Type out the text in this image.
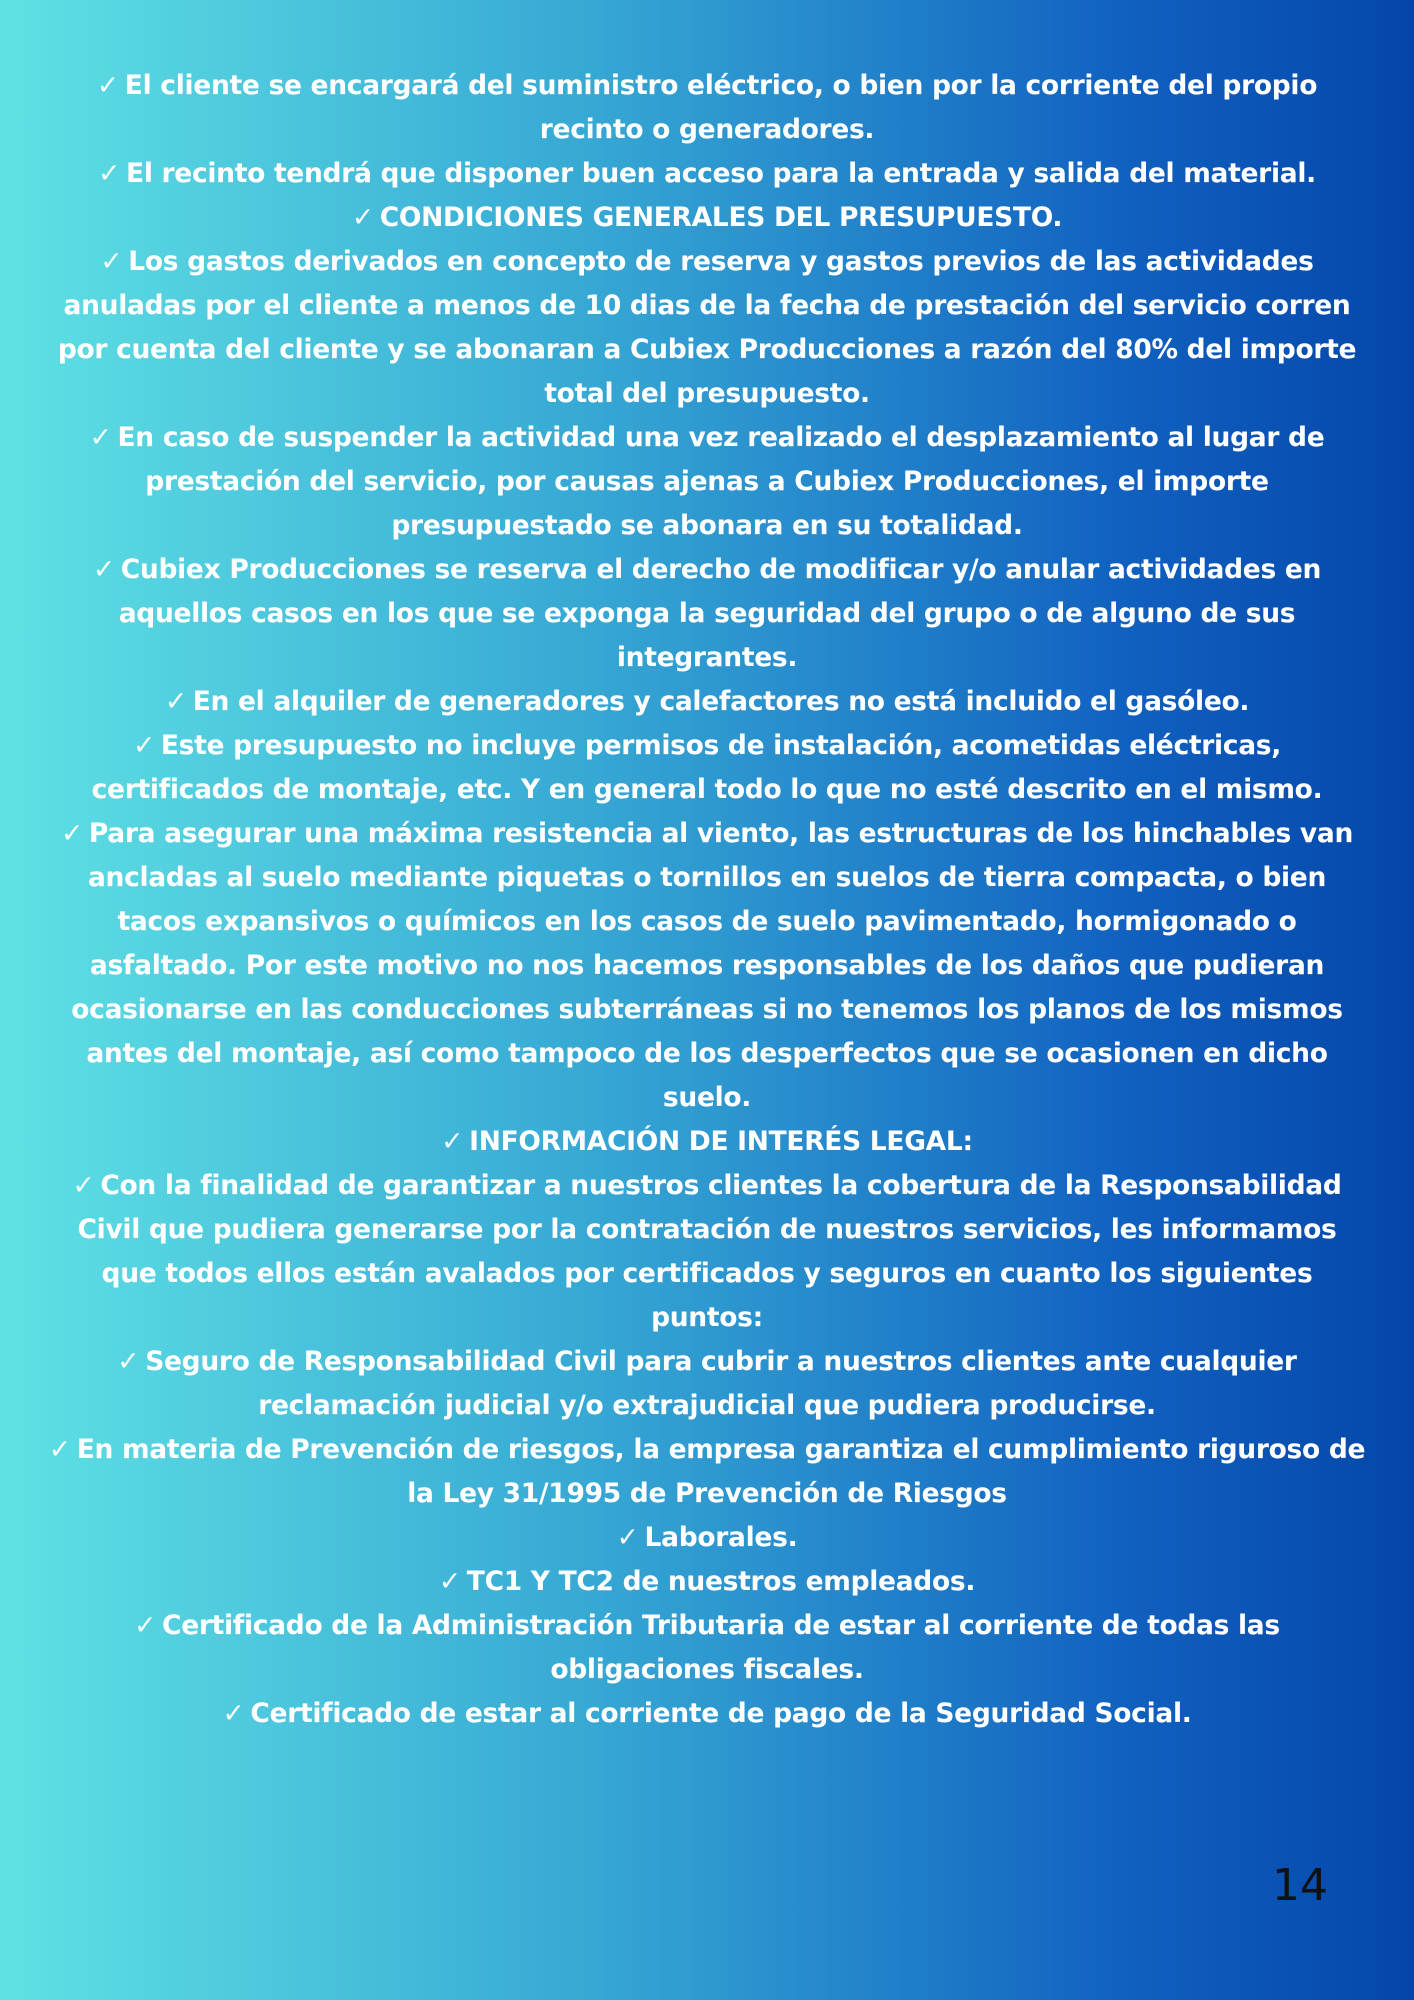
✓ El cliente se encargará del suministro eléctrico, o bien por la corriente del propio recinto o generadores.

✓ El recinto tendrá que disponer buen acceso para la entrada y salida del material.

✓ CONDICIONES GENERALES DEL PRESUPUESTO.

✓ Los gastos derivados en concepto de reserva y gastos previos de las actividades anuladas por el cliente a menos de 10 dias de la fecha de prestación del servicio corren por cuenta del cliente y se abonaran a Cubiex Producciones a razón del 80% del importe total del presupuesto.

✓ En caso de suspender la actividad una vez realizado el desplazamiento al lugar de prestación del servicio, por causas ajenas a Cubiex Producciones, el importe presupuestado se abonara en su totalidad.

✓ Cubiex Producciones se reserva el derecho de modificar y/o anular actividades en aquellos casos en los que se exponga la seguridad del grupo o de alguno de sus integrantes.

✓ En el alquiler de generadores y calefactores no está incluido el gasóleo.

✓ Este presupuesto no incluye permisos de instalación, acometidas eléctricas, certificados de montaje, etc. Y en general todo lo que no esté descrito en el mismo.

✓ Para asegurar una máxima resistencia al viento, las estructuras de los hinchables van ancladas al suelo mediante piquetas o tornillos en suelos de tierra compacta, o bien tacos expansivos o químicos en los casos de suelo pavimentado, hormigonado o asfaltado. Por este motivo no nos hacemos responsables de los daños que pudieran ocasionarse en las conducciones subterráneas si no tenemos los planos de los mismos antes del montaje, así como tampoco de los desperfectos que se ocasionen en dicho suelo.

✓ INFORMACIÓN DE INTERÉS LEGAL:

✓ Con la finalidad de garantizar a nuestros clientes la cobertura de la Responsabilidad Civil que pudiera generarse por la contratación de nuestros servicios, les informamos que todos ellos están avalados por certificados y seguros en cuanto los siguientes puntos:

✓ Seguro de Responsabilidad Civil para cubrir a nuestros clientes ante cualquier reclamación judicial y/o extrajudicial que pudiera producirse.

✓ En materia de Prevención de riesgos, la empresa garantiza el cumplimiento riguroso de la Ley 31/1995 de Prevención de Riesgos

✓ Laborales.

✓ TC1 Y TC2 de nuestros empleados.

✓ Certificado de la Administración Tributaria de estar al corriente de todas las obligaciones fiscales.

✓ Certificado de estar al corriente de pago de la Seguridad Social.

14
